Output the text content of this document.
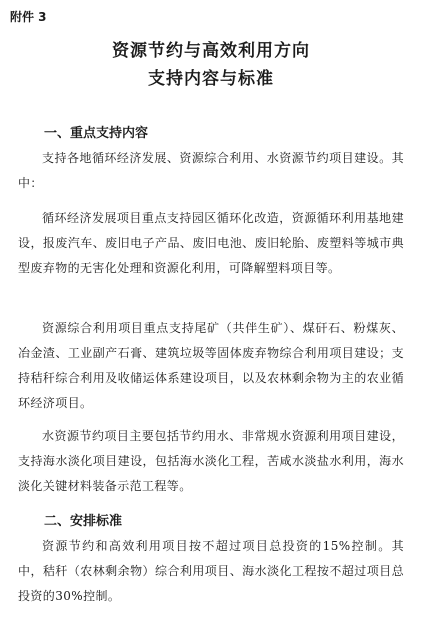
附件 3
资源节约与高效利用方向
支持内容与标准
一、重点支持内容
支持各地循环经济发展、资源综合利用、水资源节约项目建设。其中：
循环经济发展项目重点支持园区循环化改造，资源循环利用基地建设，报废汽车、废旧电子产品、废旧电池、废旧轮胎、废塑料等城市典型废弃物的无害化处理和资源化利用，可降解塑料项目等。
资源综合利用项目重点支持尾矿（共伴生矿）、煤矸石、粉煤灰、冶金渣、工业副产石膏、建筑垃圾等固体废弃物综合利用项目建设；支持秸秆综合利用及收储运体系建设项目，以及农林剩余物为主的农业循环经济项目。
水资源节约项目主要包括节约用水、非常规水资源利用项目建设，支持海水淡化项目建设，包括海水淡化工程，苦咸水淡盐水利用，海水淡化关键材料装备示范工程等。
二、安排标准
资源节约和高效利用项目按不超过项目总投资的15%控制。其中，秸秆（农林剩余物）综合利用项目、海水淡化工程按不超过项目总投资的30%控制。
